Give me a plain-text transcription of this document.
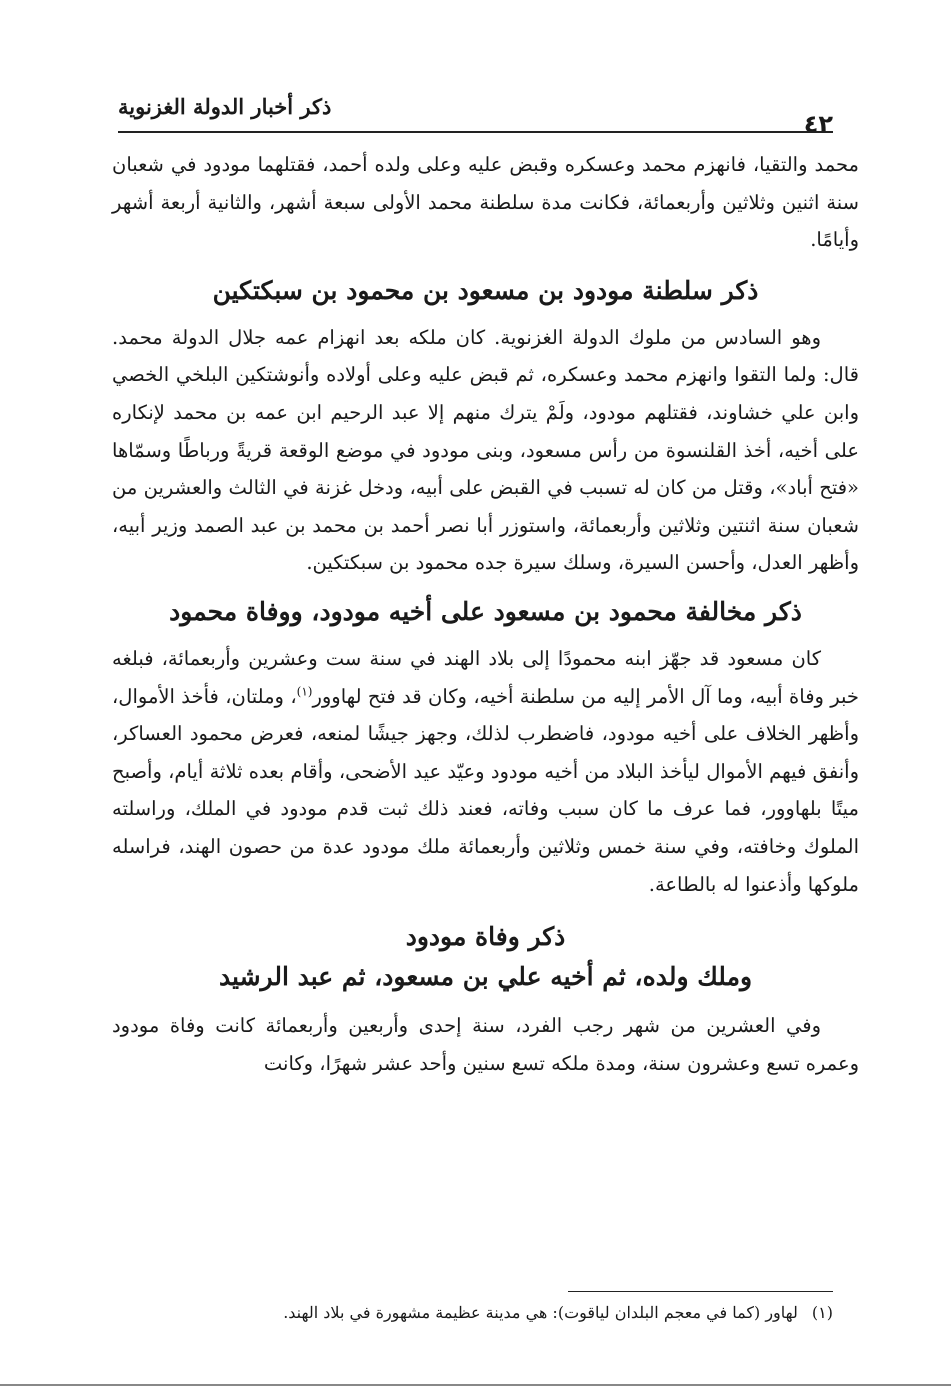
٤٢
ذكر أخبار الدولة الغزنوية

محمد والتقيا، فانهزم محمد وعسكره وقبض عليه وعلى ولده أحمد، فقتلهما مودود في شعبان سنة اثنين وثلاثين وأربعمائة، فكانت مدة سلطنة محمد الأولى سبعة أشهر، والثانية أربعة أشهر وأيامًا.

ذكر سلطنة مودود بن مسعود بن محمود بن سبكتكين

وهو السادس من ملوك الدولة الغزنوية. كان ملكه بعد انهزام عمه جلال الدولة محمد. قال: ولما التقوا وانهزم محمد وعسكره، ثم قبض عليه وعلى أولاده وأنوشتكين البلخي الخصي وابن علي خشاوند، فقتلهم مودود، ولَمْ يترك منهم إلا عبد الرحيم ابن عمه بن محمد لإنكاره على أخيه، أخذ القلنسوة من رأس مسعود، وبنى مودود في موضع الوقعة قريةً ورباطًا وسمّاها «فتح أباد»، وقتل من كان له تسبب في القبض على أبيه، ودخل غزنة في الثالث والعشرين من شعبان سنة اثنتين وثلاثين وأربعمائة، واستوزر أبا نصر أحمد بن محمد بن عبد الصمد وزير أبيه، وأظهر العدل، وأحسن السيرة، وسلك سيرة جده محمود بن سبكتكين.

ذكر مخالفة محمود بن مسعود على أخيه مودود، ووفاة محمود

كان مسعود قد جهّز ابنه محمودًا إلى بلاد الهند في سنة ست وعشرين وأربعمائة، فبلغه خبر وفاة أبيه، وما آل الأمر إليه من سلطنة أخيه، وكان قد فتح لهاوور$^{(١)}$، وملتان، فأخذ الأموال، وأظهر الخلاف على أخيه مودود، فاضطرب لذلك، وجهز جيشًا لمنعه، فعرض محمود العساكر، وأنفق فيهم الأموال ليأخذ البلاد من أخيه مودود وعيّد عيد الأضحى، وأقام بعده ثلاثة أيام، وأصبح ميتًا بلهاوور، فما عرف ما كان سبب وفاته، فعند ذلك ثبت قدم مودود في الملك، وراسلته الملوك وخافته، وفي سنة خمس وثلاثين وأربعمائة ملك مودود عدة من حصون الهند، فراسله ملوكها وأذعنوا له بالطاعة.

ذكر وفاة مودود
وملك ولده، ثم أخيه علي بن مسعود، ثم عبد الرشيد

وفي العشرين من شهر رجب الفرد، سنة إحدى وأربعين وأربعمائة كانت وفاة مودود وعمره تسع وعشرون سنة، ومدة ملكه تسع سنين وأحد عشر شهرًا، وكانت

(١)لهاور (كما في معجم البلدان لياقوت): هي مدينة عظيمة مشهورة في بلاد الهند.
